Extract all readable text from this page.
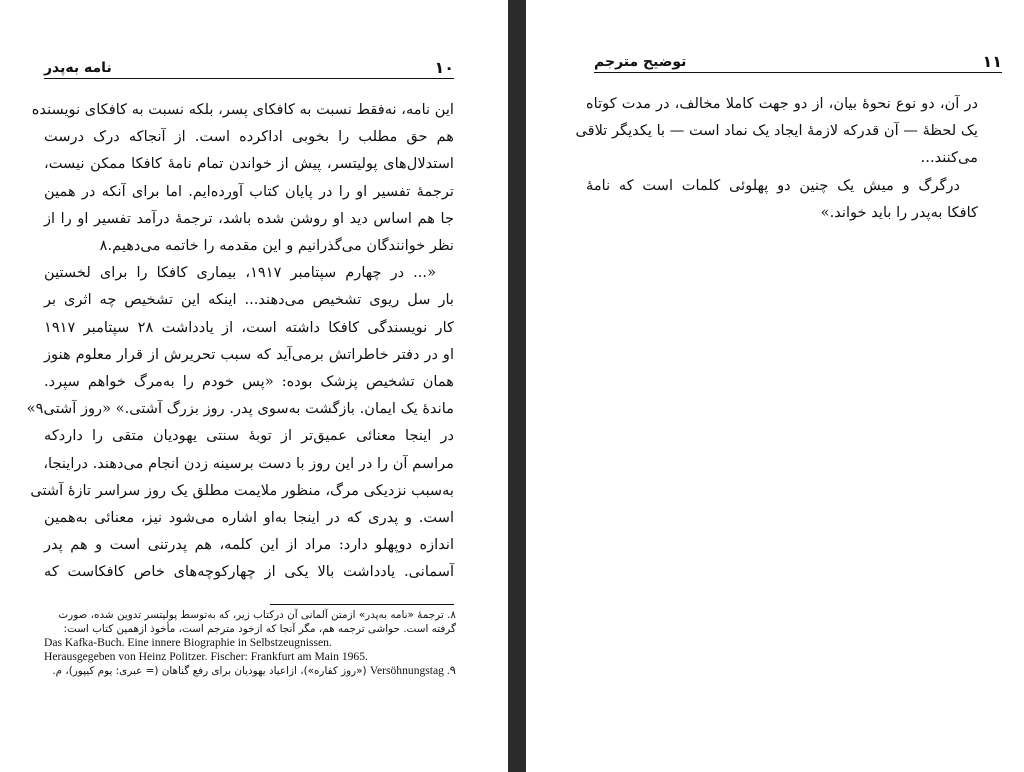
نامه به‌پدر	۱۰
این نامه، نه‌فقط نسبت به کافکای پسر، بلکه نسبت به کافکای نویسنده
هم حق مطلب را بخوبی اداکرده است. از آنجاکه درک درست
استدلال‌های پولیتسر، پیش از خواندن تمام نامهٔ کافکا ممکن نیست،
ترجمهٔ تفسیر او را در پایان کتاب آورده‌ایم. اما برای آنکه در همین
جا هم اساس دید او روشن شده باشد، ترجمهٔ درآمد تفسیر او را از
نظر خوانندگان می‌گذرانیم و این مقدمه را خاتمه می‌دهیم.۸
«... در چهارم سپتامبر ۱۹۱۷، بیماری کافکا را برای لخستین
بار سل ریوی تشخیص می‌دهند... اینکه این تشخیص چه اثری بر
کار نویسندگی کافکا داشته است، از یادداشت ۲۸ سپتامبر ۱۹۱۷
او در دفتر خاطراتش برمی‌آید که سبب تحریرش از قرار معلوم هنوز
همان تشخیص پزشک بوده: «پس خودم را به‌مرگ خواهم سپرد.
ماندهٔ یک ایمان. بازگشت به‌سوی پدر. روز بزرگ آشتی.» «روز آشتی۹»
در اینجا معنائی عمیق‌تر از توبهٔ سنتی یهودیان متقی را داردکه
مراسم آن را در این روز با دست برسینه زدن انجام می‌دهند. دراینجا،
به‌سبب نزدیکی مرگ، منظور ملایمت مطلق یک روز سراسر تازهٔ آشتی
است. و پدری که در اینجا به‌او اشاره می‌شود نیز، معنائی به‌همین
اندازه دوپهلو دارد: مراد از این کلمه، هم پدرتنی است و هم پدر
آسمانی. یادداشت بالا یکی از چهارکوچه‌های خاص کافکاست که
۸. ترجمهٔ «نامه به‌پدر» ازمتن آلمانی آن درکتاب زیر، که به‌توسط پولیتسر تدوین شده، صورت
گرفته است. حواشی ترجمه هم، مگر آنجا که ازخود مترجم است، مأخوذ ازهمین کتاب است:
Das Kafka-Buch. Eine innere Biographie in Selbstzeugnissen.
Herausgegeben von Heinz Politzer. Fischer: Frankfurt am Main 1965.
۹. Versöhnungstag («روز کفاره»)، ازاعیاد یهودیان برای رفع گناهان (= عبری: یوم کیپور)، م.
توضیح مترجم	۱۱
در آن، دو نوع نحوهٔ بیان، از دو جهت کاملا مخالف، در مدت کوتاه
یک لحظهٔ — آن قدرکه لازمهٔ ایجاد یک نماد است — با یکدیگر تلاقی
می‌کنند...
درگرگ و میش یک چنین دو پهلوئی کلمات است که نامهٔ
کافکا به‌پدر را باید خواند.»
